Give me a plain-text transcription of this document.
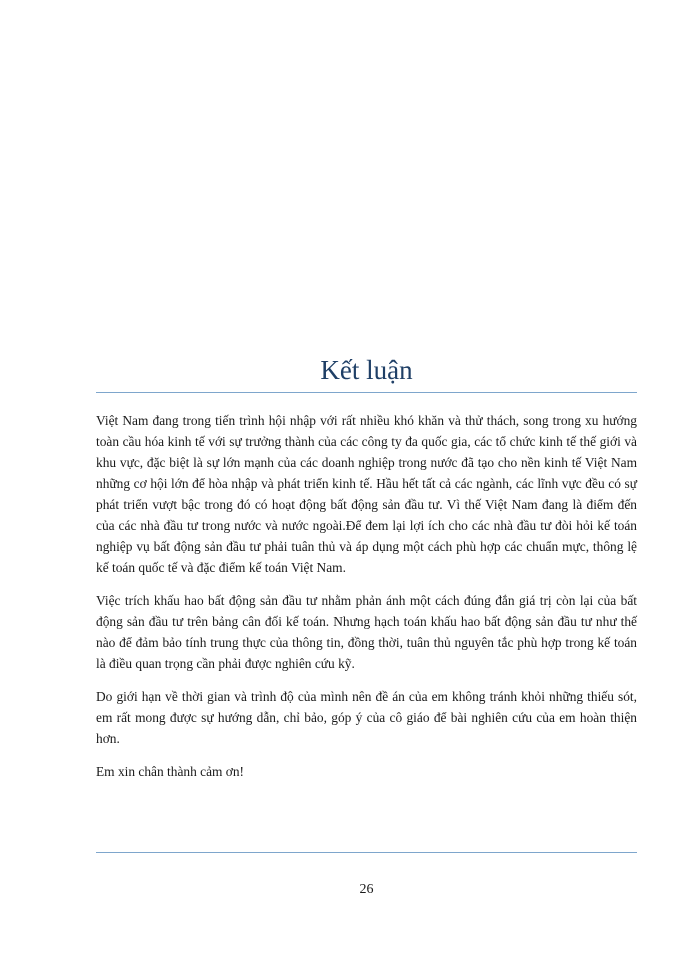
Kết luận

Việt Nam đang trong tiến trình hội nhập với rất nhiều khó khăn và thử thách, song trong xu hướng toàn cầu hóa kinh tế với sự trưởng thành của các công ty đa quốc gia, các tổ chức kinh tế thế giới và khu vực, đặc biệt là sự lớn mạnh của các doanh nghiệp trong nước đã tạo cho nền kinh tế Việt Nam những cơ hội lớn để hòa nhập và phát triển kinh tế. Hầu hết tất cả các ngành, các lĩnh vực đều có sự phát triển vượt bậc trong đó có hoạt động bất động sản đầu tư. Vì thế Việt Nam đang là điểm đến của các nhà đầu tư trong nước và nước ngoài.Để đem lại lợi ích cho các nhà đầu tư đòi hỏi kế toán nghiệp vụ bất động sản đầu tư phải tuân thủ và áp dụng một cách phù hợp các chuẩn mực, thông lệ kế toán quốc tế và đặc điểm kế toán Việt Nam.

Việc trích khấu hao bất động sản đầu tư nhằm phản ánh một cách đúng đắn giá trị còn lại của bất động sản đầu tư trên bảng cân đối kế toán. Nhưng hạch toán khấu hao bất động sản đầu tư như thế nào để đảm bảo tính trung thực của thông tin, đồng thời, tuân thủ nguyên tắc phù hợp trong kế toán là điều quan trọng cần phải được nghiên cứu kỹ.

Do giới hạn về thời gian và trình độ của mình nên đề án của em không tránh khỏi những thiếu sót, em rất mong được sự hướng dẫn, chỉ bảo, góp ý của cô giáo để bài nghiên cứu của em hoàn thiện hơn.

Em xin chân thành cảm ơn!

26
